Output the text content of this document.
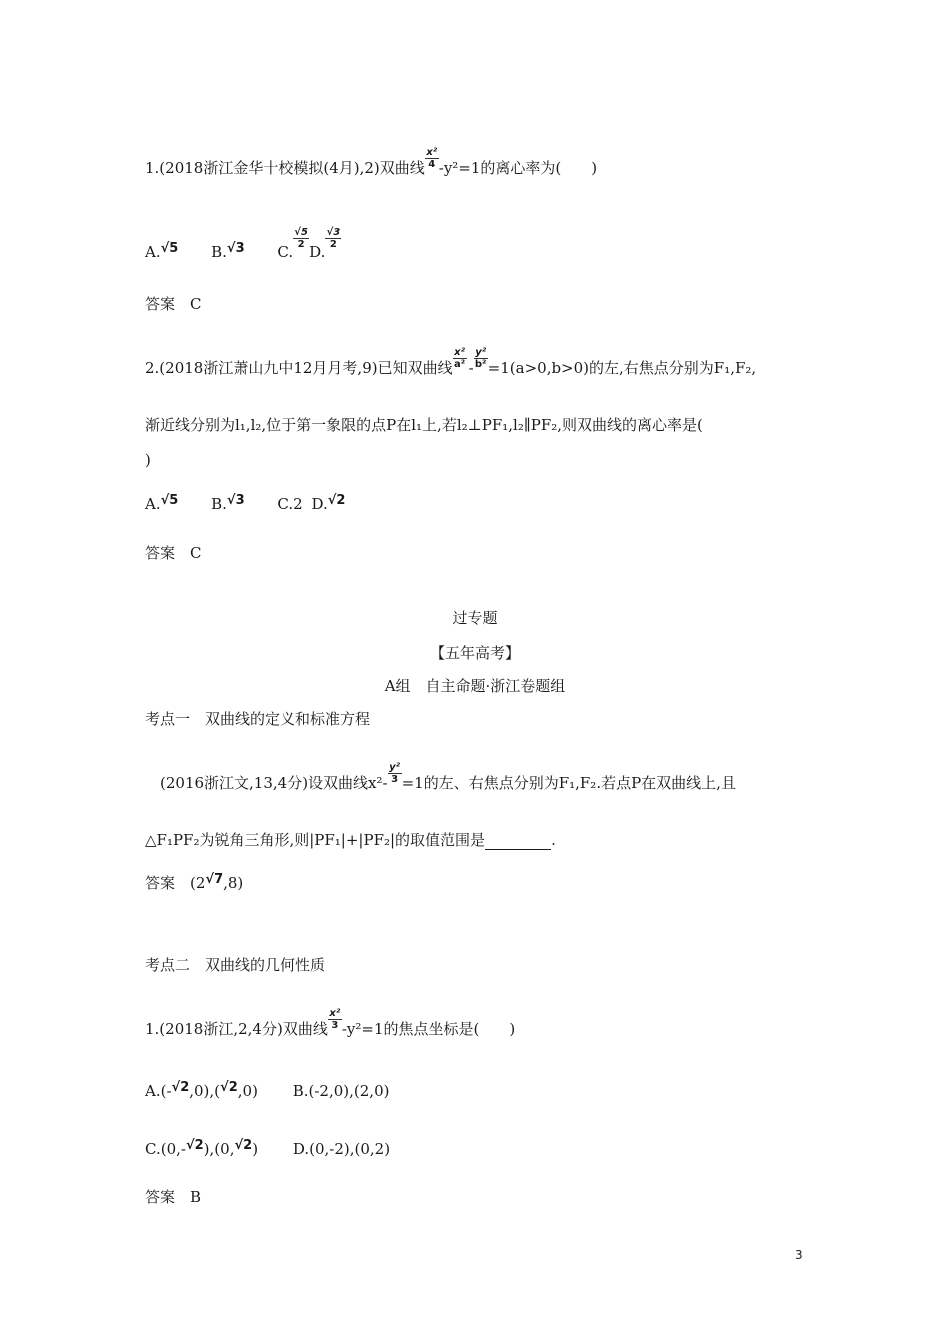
1.(2018浙江金华十校模拟(4月),2)双曲线
x²
4 -y²=1的离心率为(　　)
A.√5 B.√3 C.
√5
2 D.
√3
2
答案　C
2.(2018浙江萧山九中12月月考,9)已知双曲线
x²
a² -
y²
b² =1(a>0,b>0)的左,右焦点分别为F₁,F₂,
渐近线分别为l₁,l₂,位于第一象限的点P在l₁上,若l₂⊥PF₁,l₂∥PF₂,则双曲线的离心率是(
)
A.√5 B.√3 C.2 D.√2
答案　C
过专题
【五年高考】
A组　自主命题·浙江卷题组
考点一　双曲线的定义和标准方程
(2016浙江文,13,4分)设双曲线x²-
y²
3 =1的左、右焦点分别为F₁,F₂.若点P在双曲线上,且
△F₁PF₂为锐角三角形,则|PF₁|+|PF₂|的取值范围是	.
答案　(2√7,8)
考点二　双曲线的几何性质
1.(2018浙江,2,4分)双曲线
x²
3 -y²=1的焦点坐标是(　　)
A.(-√2,0),(√2,0) B.(-2,0),(2,0)
C.(0,-√2),(0,√2) D.(0,-2),(0,2)
答案　B
3
